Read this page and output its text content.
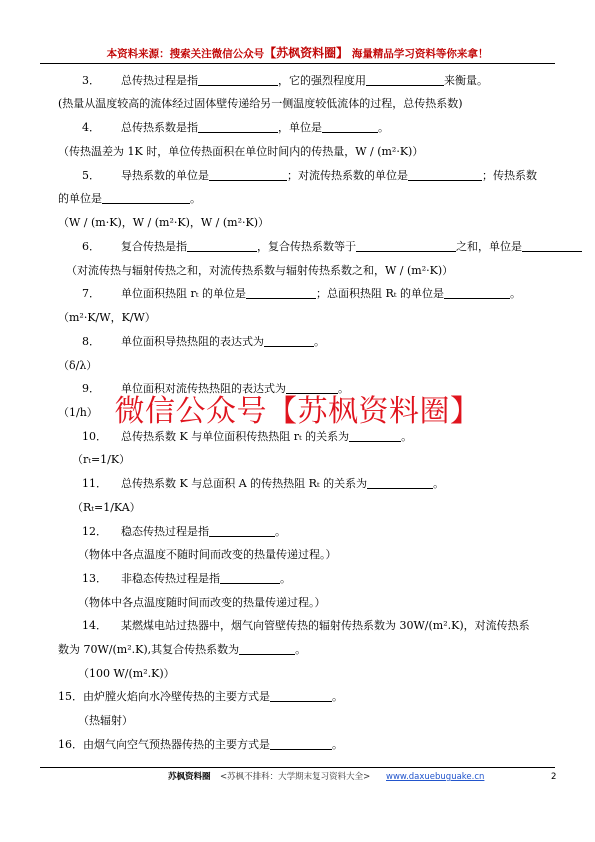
本资料来源：搜索关注微信公众号【苏枫资料圈】 海量精品学习资料等你来拿！
3．      总传热过程是指	，它的强烈程度用	来衡量。
(热量从温度较高的流体经过固体壁传递给另一侧温度较低流体的过程，总传热系数)
4．      总传热系数是指	，单位是	。
（传热温差为 1K 时，单位传热面积在单位时间内的传热量，W / (m²·K)）
5．      导热系数的单位是	；对流传热系数的单位是	；传热系数
的单位是	。
（W / (m·K)，W / (m²·K)，W / (m²·K)）
6．      复合传热是指	，复合传热系数等于	之和，单位是
（对流传热与辐射传热之和，对流传热系数与辐射传热系数之和，W / (m²·K)）
7．      单位面积热阻 rₜ 的单位是	；总面积热阻 Rₜ 的单位是	。
（m²·K/W，K/W）
8．      单位面积导热热阻的表达式为	。
（δ/λ）
9．      单位面积对流传热热阻的表达式为	。
（1/h）
10．    总传热系数 K 与单位面积传热热阻 rₜ 的关系为	。
（rₜ=1/K）
11．    总传热系数 K 与总面积 A 的传热热阻 Rₜ 的关系为	。
（Rₜ=1/KA）
12．    稳态传热过程是指	。
（物体中各点温度不随时间而改变的热量传递过程。）
13．    非稳态传热过程是指	。
（物体中各点温度随时间而改变的热量传递过程。）
14．    某燃煤电站过热器中，烟气向管壁传热的辐射传热系数为 30W/(m².K)，对流传热系
数为 70W/(m².K),其复合传热系数为	。
（100 W/(m².K)）
15．由炉膛火焰向水冷壁传热的主要方式是	。
（热辐射）
16．由烟气向空气预热器传热的主要方式是	。
微信公众号【苏枫资料圈】
苏枫资料圈 <苏枫不排科：大学期末复习资料大全> www.daxuebuguake.cn	2
